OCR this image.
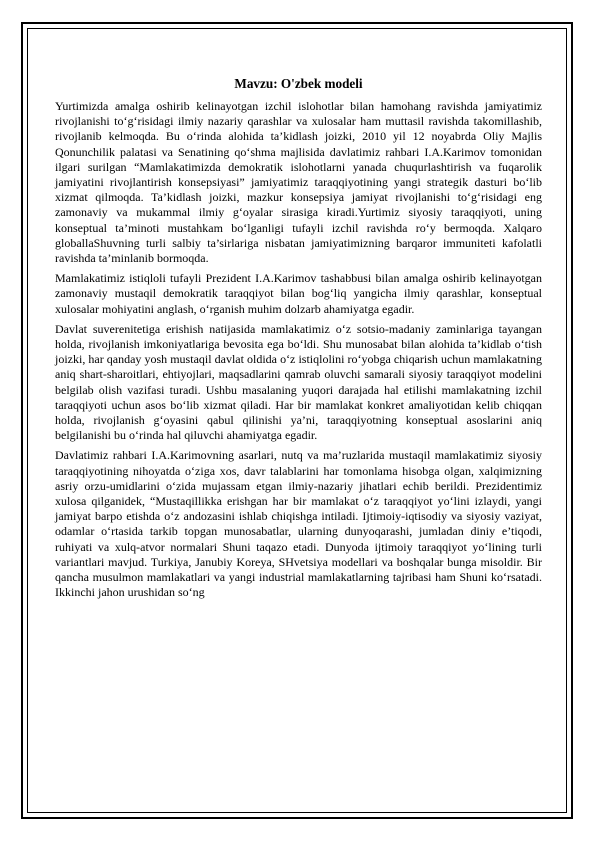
Mavzu: O'zbek modeli

Yurtimizda amalga oshirib kelinayotgan izchil islohotlar bilan hamohang ravishda jamiyatimiz rivojlanishi to‘g‘risidagi ilmiy nazariy qarashlar va xulosalar ham muttasil ravishda takomillashib, rivojlanib kelmoqda. Bu o‘rinda alohida ta’kidlash joizki, 2010 yil 12 noyabrda Oliy Majlis Qonunchilik palatasi va Senatining qo‘shma majlisida davlatimiz rahbari I.A.Karimov tomonidan ilgari surilgan “Mamlakatimizda demokratik islohotlarni yanada chuqurlashtirish va fuqarolik jamiyatini rivojlantirish konsepsiyasi” jamiyatimiz taraqqiyotining yangi strategik dasturi bo‘lib xizmat qilmoqda. Ta’kidlash joizki, mazkur konsepsiya jamiyat rivojlanishi to‘g‘risidagi eng zamonaviy va mukammal ilmiy g‘oyalar sirasiga kiradi.Yurtimiz siyosiy taraqqiyoti, uning konseptual ta’minoti mustahkam bo‘lganligi tufayli izchil ravishda ro‘y bermoqda. Xalqaro globallaShuvning turli salbiy ta’sirlariga nisbatan jamiyatimizning barqaror immuniteti kafolatli ravishda ta’minlanib bormoqda.

Mamlakatimiz istiqloli tufayli Prezident I.A.Karimov tashabbusi bilan amalga oshirib kelinayotgan zamonaviy mustaqil demokratik taraqqiyot bilan bog‘liq yangicha ilmiy qarashlar, konseptual xulosalar mohiyatini anglash, o‘rganish muhim dolzarb ahamiyatga egadir.

Davlat suverenitetiga erishish natijasida mamlakatimiz o‘z sotsio-madaniy zaminlariga tayangan holda, rivojlanish imkoniyatlariga bevosita ega bo‘ldi. Shu munosabat bilan alohida ta’kidlab o‘tish joizki, har qanday yosh mustaqil davlat oldida o‘z istiqlolini ro‘yobga chiqarish uchun mamlakatning aniq shart-sharoitlari, ehtiyojlari, maqsadlarini qamrab oluvchi samarali siyosiy taraqqiyot modelini belgilab olish vazifasi turadi. Ushbu masalaning yuqori darajada hal etilishi mamlakatning izchil taraqqiyoti uchun asos bo‘lib xizmat qiladi. Har bir mamlakat konkret amaliyotidan kelib chiqqan holda, rivojlanish g‘oyasini qabul qilinishi ya’ni, taraqqiyotning konseptual asoslarini aniq belgilanishi bu o‘rinda hal qiluvchi ahamiyatga egadir.

Davlatimiz rahbari I.A.Karimovning asarlari, nutq va ma’ruzlarida mustaqil mamlakatimiz siyosiy taraqqiyotining nihoyatda o‘ziga xos, davr talablarini har tomonlama hisobga olgan, xalqimizning asriy orzu-umidlarini o‘zida mujassam etgan ilmiy-nazariy jihatlari echib berildi. Prezidentimiz xulosa qilganidek, “Mustaqillikka erishgan har bir mamlakat o‘z taraqqiyot yo‘lini izlaydi, yangi jamiyat barpo etishda o‘z andozasini ishlab chiqishga intiladi. Ijtimoiy-iqtisodiy va siyosiy vaziyat, odamlar o‘rtasida tarkib topgan munosabatlar, ularning dunyoqarashi, jumladan diniy e’tiqodi, ruhiyati va xulq-atvor normalari Shuni taqazo etadi. Dunyoda ijtimoiy taraqqiyot yo‘lining turli variantlari mavjud. Turkiya, Janubiy Koreya, SHvetsiya modellari va boshqalar bunga misoldir. Bir qancha musulmon mamlakatlari va yangi industrial mamlakatlarning tajribasi ham Shuni ko‘rsatadi. Ikkinchi jahon urushidan so‘ng
